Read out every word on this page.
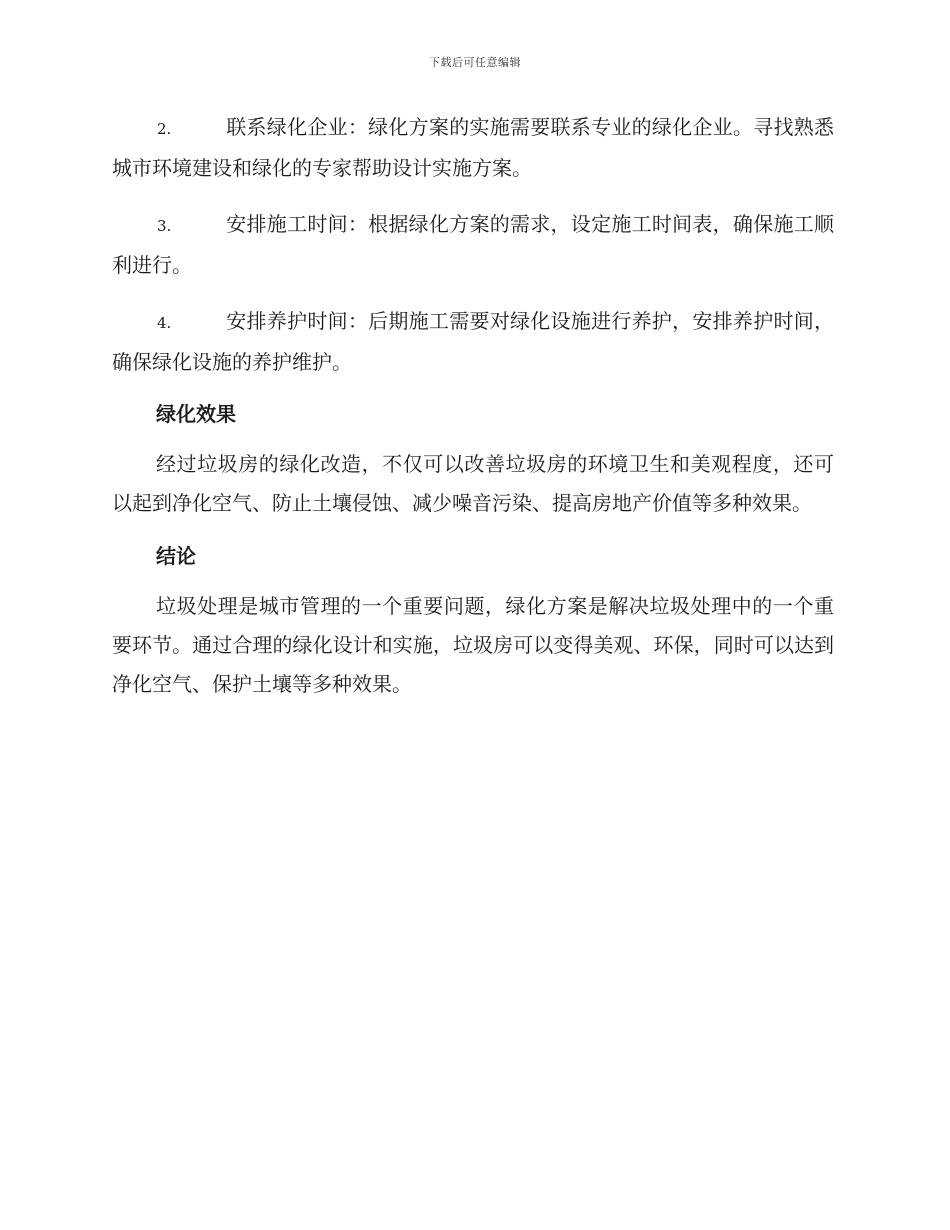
下载后可任意编辑
2.	联系绿化企业：绿化方案的实施需要联系专业的绿化企业。寻找熟悉城市环境建设和绿化的专家帮助设计实施方案。
3.	安排施工时间：根据绿化方案的需求，设定施工时间表，确保施工顺利进行。
4.	安排养护时间：后期施工需要对绿化设施进行养护，安排养护时间，确保绿化设施的养护维护。
绿化效果
经过垃圾房的绿化改造，不仅可以改善垃圾房的环境卫生和美观程度，还可以起到净化空气、防止土壤侵蚀、减少噪音污染、提高房地产价值等多种效果。
结论
垃圾处理是城市管理的一个重要问题，绿化方案是解决垃圾处理中的一个重要环节。通过合理的绿化设计和实施，垃圾房可以变得美观、环保，同时可以达到净化空气、保护土壤等多种效果。
